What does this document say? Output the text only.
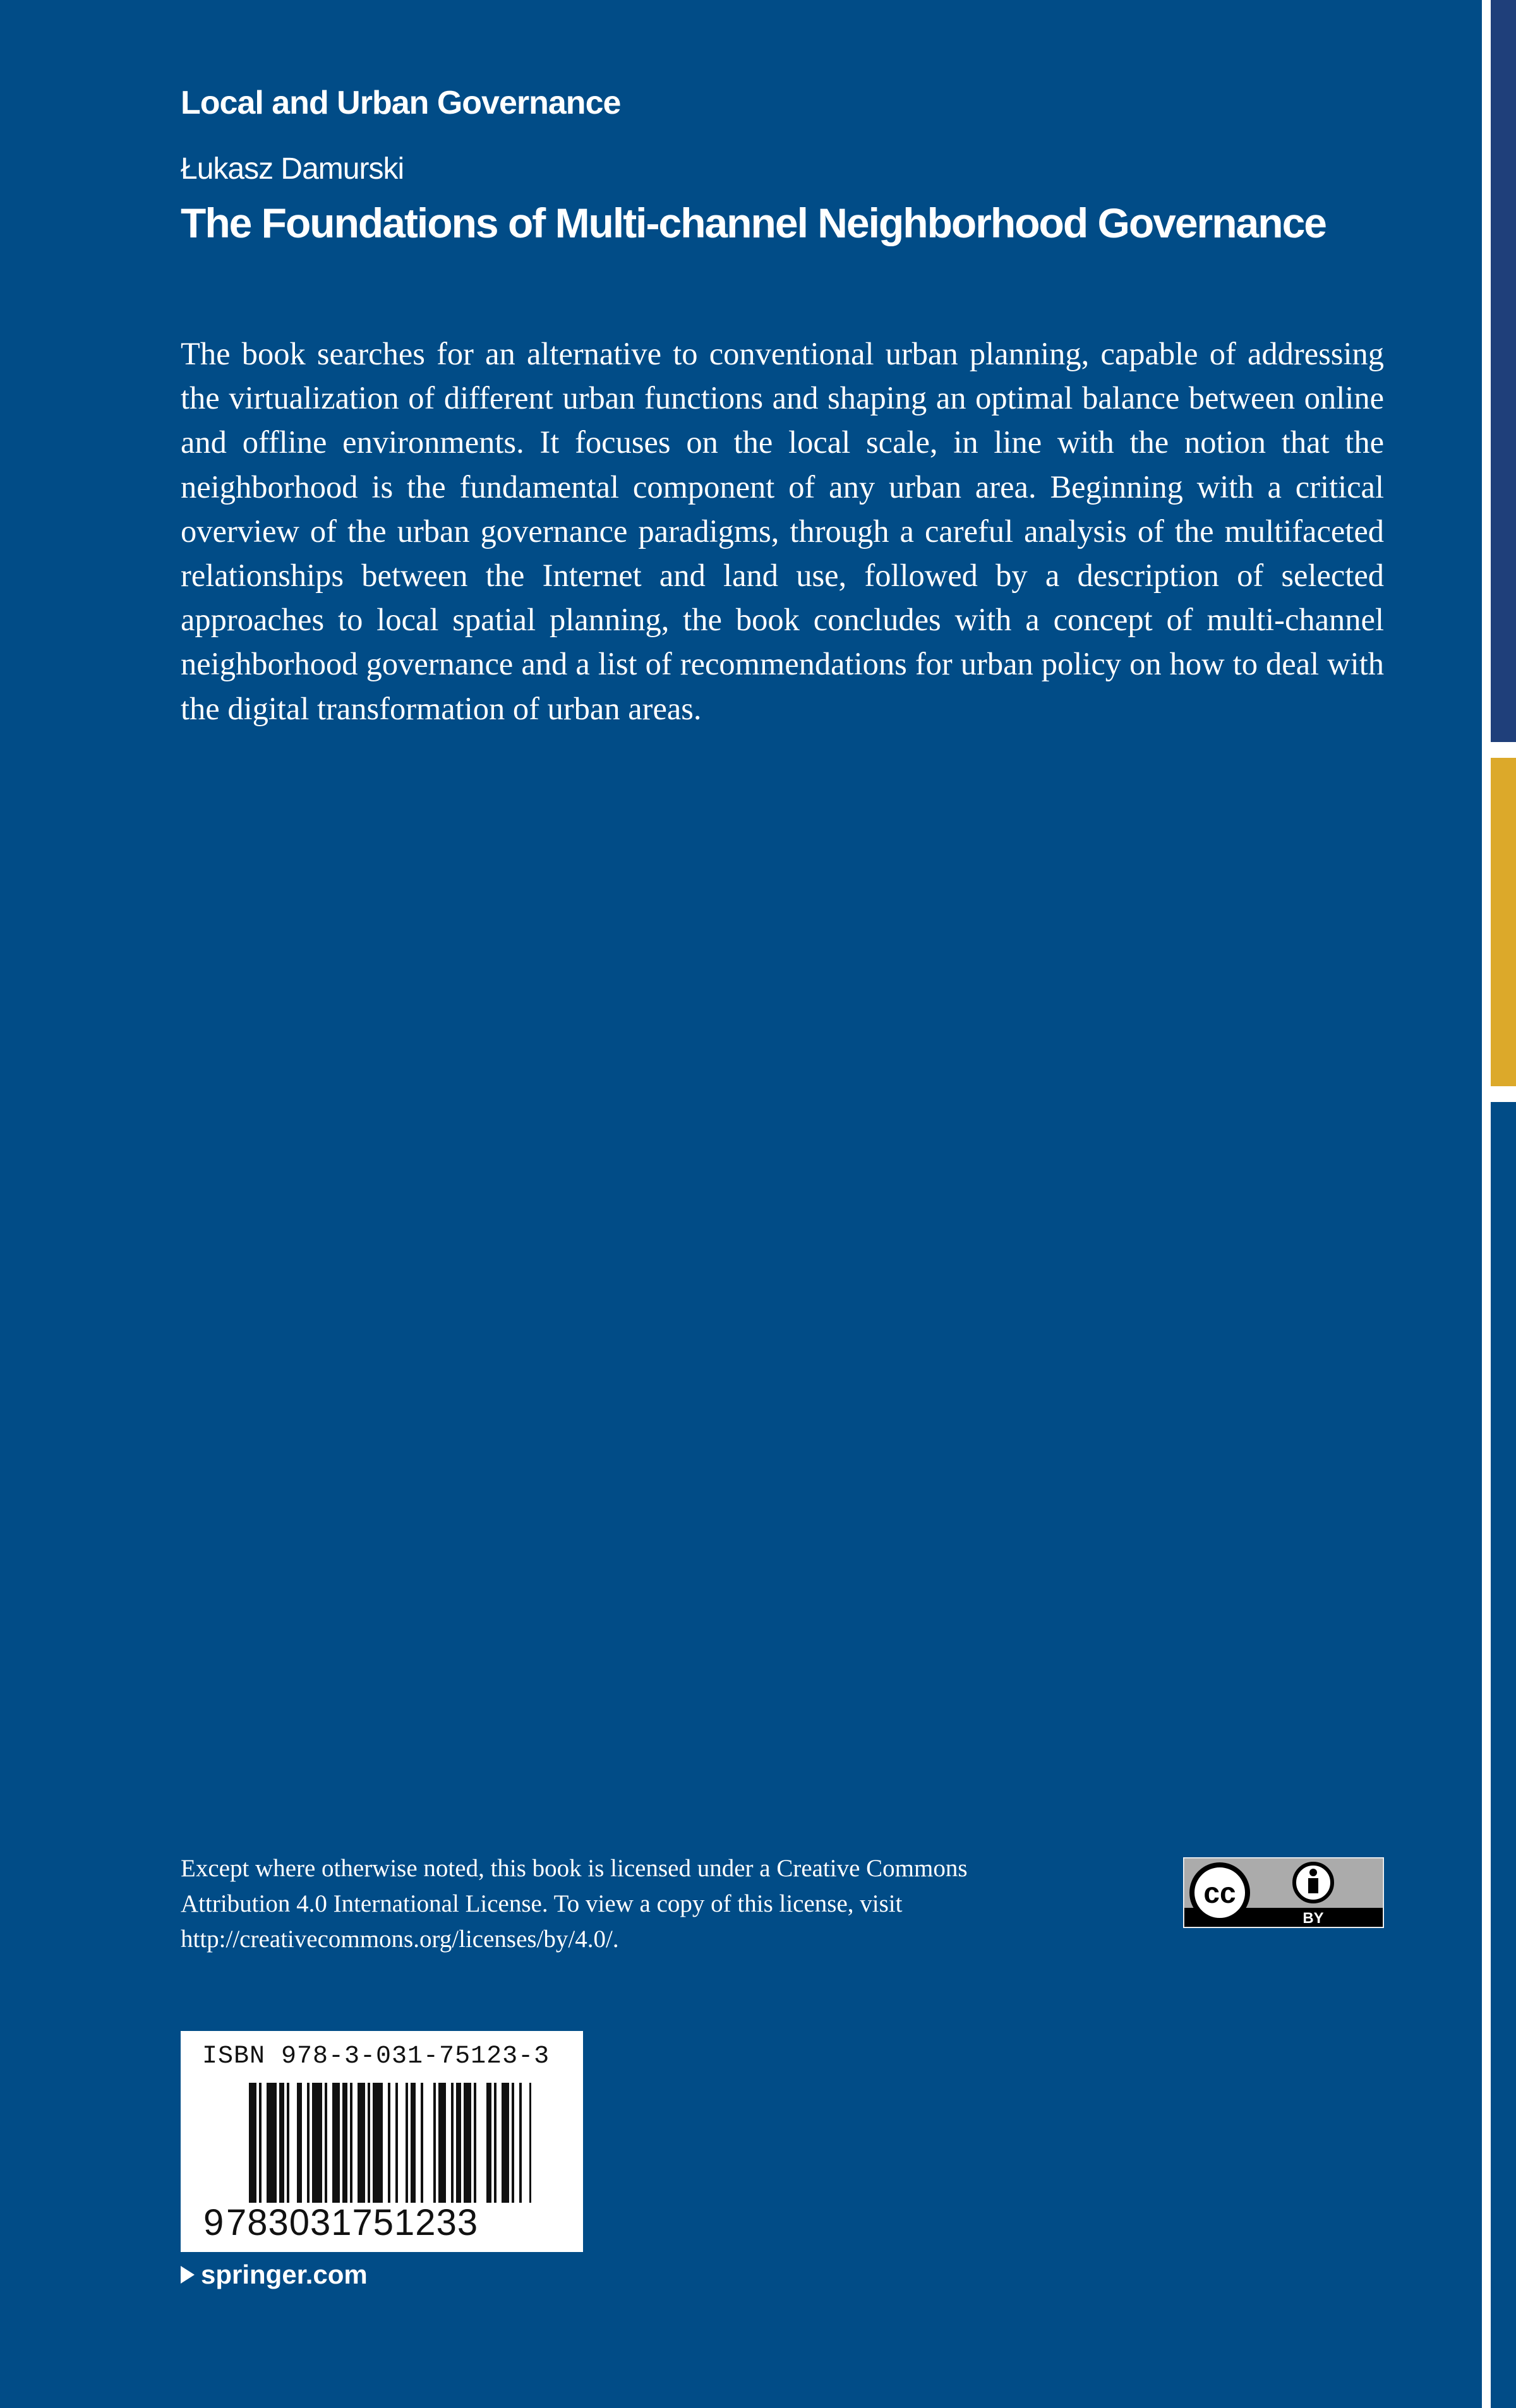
Local and Urban Governance
Łukasz Damurski
The Foundations of Multi-channel Neighborhood Governance

The book searches for an alternative to conventional urban planning, capable of addressing the virtualization of different urban functions and shaping an optimal balance between online and offline environments. It focuses on the local scale, in line with the notion that the neighborhood is the fundamental component of any urban area. Beginning with a critical overview of the urban governance paradigms, through a careful analysis of the multifaceted relationships between the Internet and land use, followed by a description of selected approaches to local spatial planning, the book concludes with a concept of multi-channel neighborhood governance and a list of recommendations for urban policy on how to deal with the digital transformation of urban areas.

Except where otherwise noted, this book is licensed under a Creative Commons Attribution 4.0 International License. To view a copy of this license, visit http://creativecommons.org/licenses/by/4.0/.

cc
BY
ISBN 978-3-031-75123-3
9 783031751233
springer.com
